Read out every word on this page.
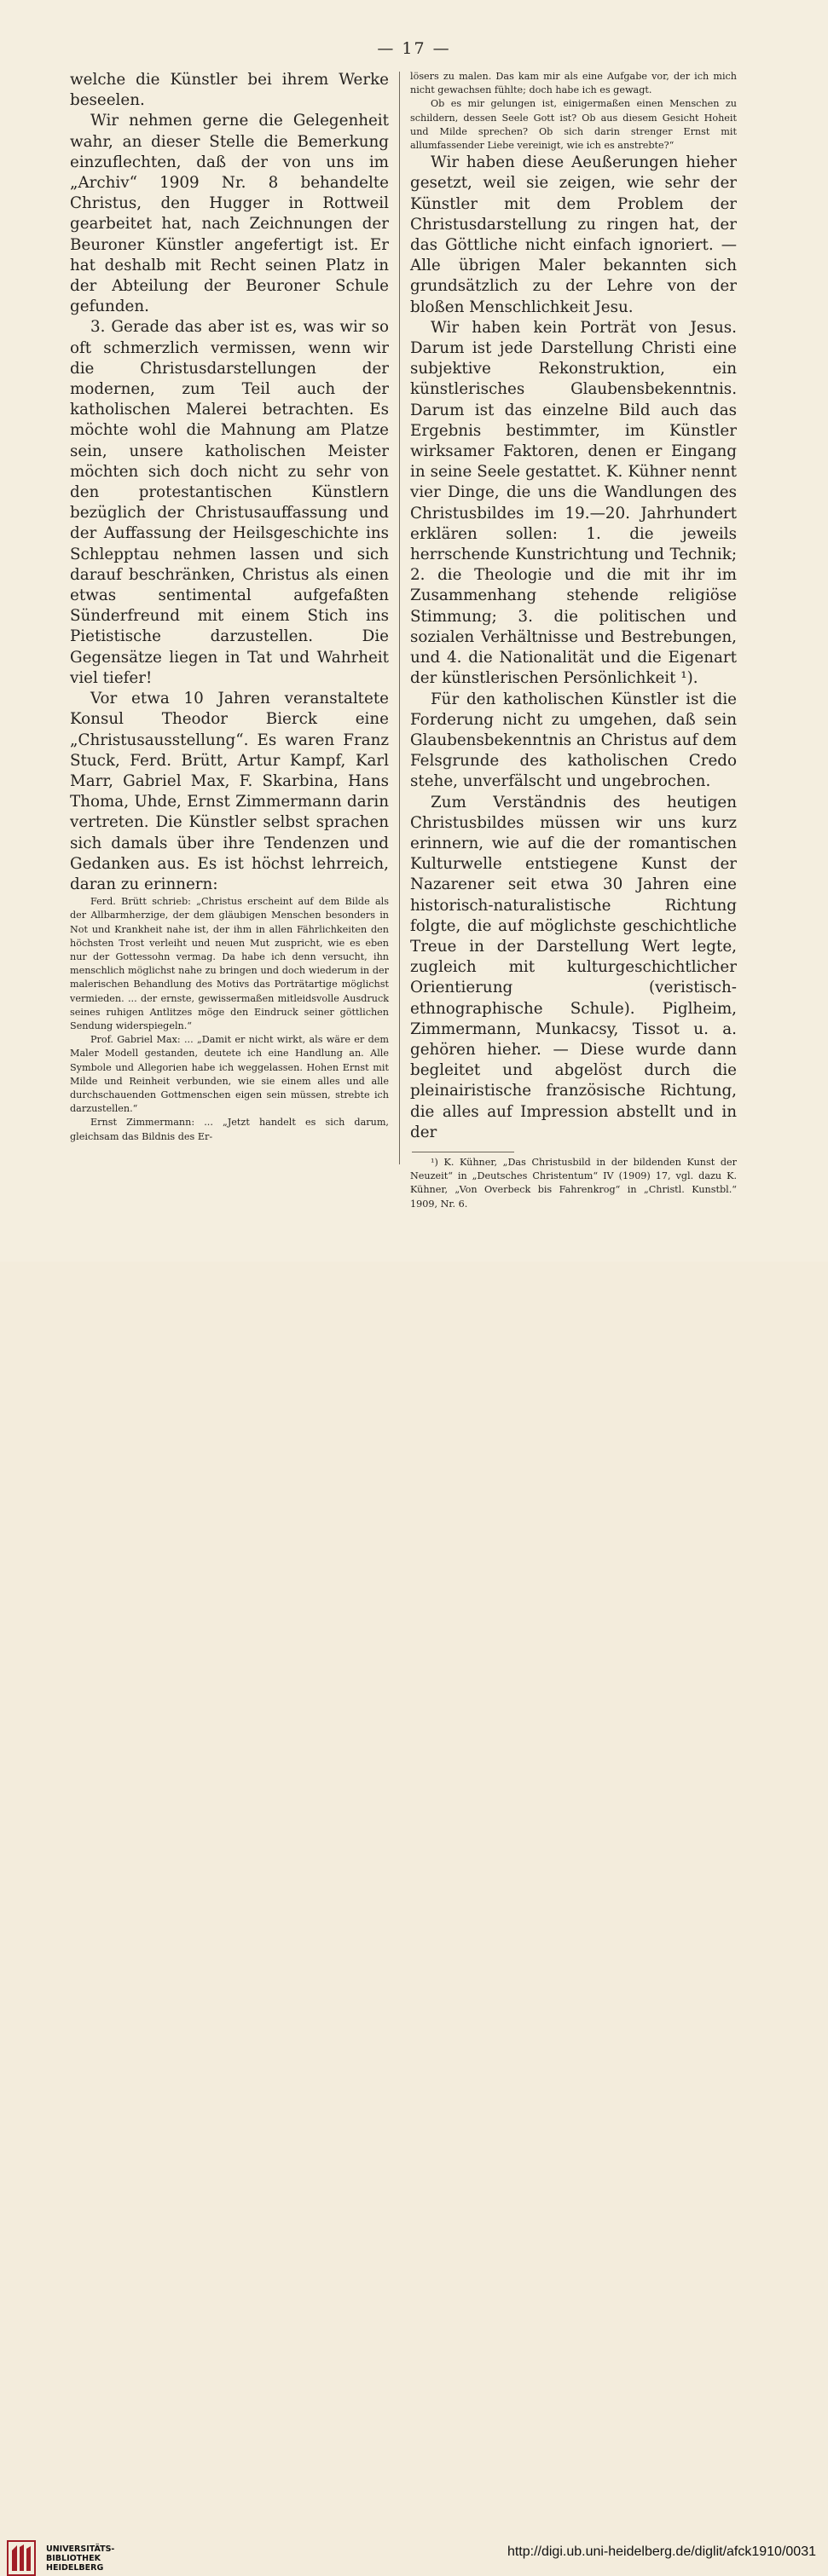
— 17 —

welche die Künstler bei ihrem Werke beseelen.

Wir nehmen gerne die Gelegenheit wahr, an dieser Stelle die Bemerkung einzuflechten, daß der von uns im „Archiv“ 1909 Nr. 8 behandelte Christus, den Hugger in Rottweil gearbeitet hat, nach Zeichnungen der Beuroner Künstler angefertigt ist. Er hat deshalb mit Recht seinen Platz in der Abteilung der Beuroner Schule gefunden.

3. Gerade das aber ist es, was wir so oft schmerzlich vermissen, wenn wir die Christusdarstellungen der modernen, zum Teil auch der katholischen Malerei betrachten. Es möchte wohl die Mahnung am Platze sein, unsere katholischen Meister möchten sich doch nicht zu sehr von den protestantischen Künstlern bezüglich der Christusauffassung und der Auffassung der Heilsgeschichte ins Schlepptau nehmen lassen und sich darauf beschränken, Christus als einen etwas sentimental aufgefaßten Sünderfreund mit einem Stich ins Pietistische darzustellen. Die Gegensätze liegen in Tat und Wahrheit viel tiefer!

Vor etwa 10 Jahren veranstaltete Konsul Theodor Bierck eine „Christusausstellung“. Es waren Franz Stuck, Ferd. Brütt, Artur Kampf, Karl Marr, Gabriel Max, F. Skarbina, Hans Thoma, Uhde, Ernst Zimmermann darin vertreten. Die Künstler selbst sprachen sich damals über ihre Tendenzen und Gedanken aus. Es ist höchst lehrreich, daran zu erinnern:

Ferd. Brütt schrieb: „Christus erscheint auf dem Bilde als der Allbarmherzige, der dem gläubigen Menschen besonders in Not und Krankheit nahe ist, der ihm in allen Fährlichkeiten den höchsten Trost verleiht und neuen Mut zuspricht, wie es eben nur der Gottessohn vermag. Da habe ich denn versucht, ihn menschlich möglichst nahe zu bringen und doch wiederum in der malerischen Behandlung des Motivs das Porträtartige möglichst vermieden. ... der ernste, gewissermaßen mitleidsvolle Ausdruck seines ruhigen Antlitzes möge den Eindruck seiner göttlichen Sendung widerspiegeln.“

Prof. Gabriel Max: ... „Damit er nicht wirkt, als wäre er dem Maler Modell gestanden, deutete ich eine Handlung an. Alle Symbole und Allegorien habe ich weggelassen. Hohen Ernst mit Milde und Reinheit verbunden, wie sie einem alles und alle durchschauenden Gottmenschen eigen sein müssen, strebte ich darzustellen.“

Ernst Zimmermann: ... „Jetzt handelt es sich darum, gleichsam das Bildnis des Er-

lösers zu malen. Das kam mir als eine Aufgabe vor, der ich mich nicht gewachsen fühlte; doch habe ich es gewagt.

Ob es mir gelungen ist, einigermaßen einen Menschen zu schildern, dessen Seele Gott ist? Ob aus diesem Gesicht Hoheit und Milde sprechen? Ob sich darin strenger Ernst mit allumfassender Liebe vereinigt, wie ich es anstrebte?“

Wir haben diese Aeußerungen hieher gesetzt, weil sie zeigen, wie sehr der Künstler mit dem Problem der Christusdarstellung zu ringen hat, der das Göttliche nicht einfach ignoriert. — Alle übrigen Maler bekannten sich grundsätzlich zu der Lehre von der bloßen Menschlichkeit Jesu.

Wir haben kein Porträt von Jesus. Darum ist jede Darstellung Christi eine subjektive Rekonstruktion, ein künstlerisches Glaubensbekenntnis. Darum ist das einzelne Bild auch das Ergebnis bestimmter, im Künstler wirksamer Faktoren, denen er Eingang in seine Seele gestattet. K. Kühner nennt vier Dinge, die uns die Wandlungen des Christusbildes im 19.—20. Jahrhundert erklären sollen: 1. die jeweils herrschende Kunstrichtung und Technik; 2. die Theologie und die mit ihr im Zusammenhang stehende religiöse Stimmung; 3. die politischen und sozialen Verhältnisse und Bestrebungen, und 4. die Nationalität und die Eigenart der künstlerischen Persönlichkeit ¹).

Für den katholischen Künstler ist die Forderung nicht zu umgehen, daß sein Glaubensbekenntnis an Christus auf dem Felsgrunde des katholischen Credo stehe, unverfälscht und ungebrochen.

Zum Verständnis des heutigen Christusbildes müssen wir uns kurz erinnern, wie auf die der romantischen Kulturwelle entstiegene Kunst der Nazarener seit etwa 30 Jahren eine historisch-naturalistische Richtung folgte, die auf möglichste geschichtliche Treue in der Darstellung Wert legte, zugleich mit kulturgeschichtlicher Orientierung (veristisch-ethnographische Schule). Piglheim, Zimmermann, Munkacsy, Tissot u. a. gehören hieher. — Diese wurde dann begleitet und abgelöst durch die pleinairistische französische Richtung, die alles auf Impression abstellt und in der

¹) K. Kühner, „Das Christusbild in der bildenden Kunst der Neuzeit“ in „Deutsches Christentum“ IV (1909) 17, vgl. dazu K. Kühner, „Von Overbeck bis Fahrenkrog“ in „Christl. Kunstbl.“ 1909, Nr. 6.

UNIVERSITÄTS-
BIBLIOTHEK
HEIDELBERG
http://digi.ub.uni-heidelberg.de/diglit/afck1910/0031
